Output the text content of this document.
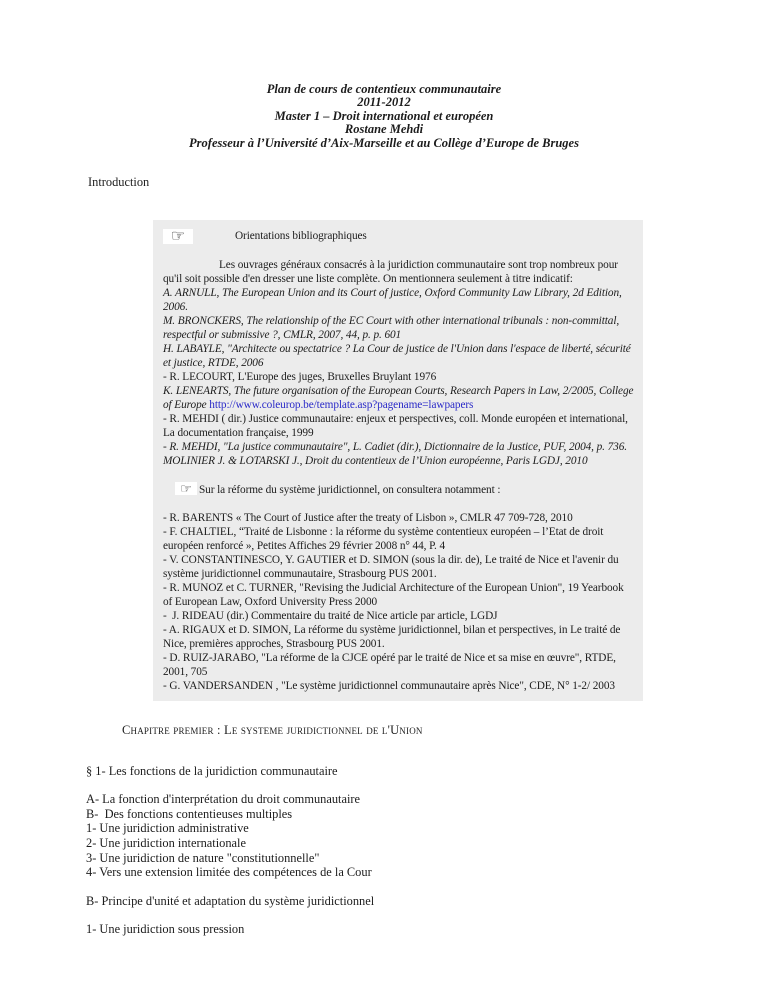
Plan de cours de contentieux communautaire

2011-2012

Master 1 – Droit international et européen

Rostane Mehdi

Professeur à l’Université d’Aix-Marseille et au Collège d’Europe de Bruges

Introduction

☞	Orientations bibliographiques

Les ouvrages généraux consacrés à la juridiction communautaire sont trop nombreux pour qu'il soit possible d'en dresser une liste complète. On mentionnera seulement à titre indicatif:

A. ARNULL, The European Union and its Court of justice, Oxford Community Law Library, 2d Edition, 2006.

M. BRONCKERS, The relationship of the EC Court with other international tribunals : non-committal, respectful or submissive ?, CMLR, 2007, 44, p. p. 601

H. LABAYLE, "Architecte ou spectatrice ? La Cour de justice de l'Union dans l'espace de liberté, sécurité et justice, RTDE, 2006

- R. LECOURT, L'Europe des juges, Bruxelles Bruylant 1976

K. LENEARTS, The future organisation of the European Courts, Research Papers in Law, 2/2005, College of Europe http://www.coleurop.be/template.asp?pagename=lawpapers

- R. MEHDI ( dir.) Justice communautaire: enjeux et perspectives, coll. Monde européen et international, La documentation française, 1999

- R. MEHDI, "La justice communautaire", L. Cadiet (dir.), Dictionnaire de la Justice, PUF, 2004, p. 736.

MOLINIER J. & LOTARSKI J., Droit du contentieux de l’Union européenne, Paris LGDJ, 2010

☞ Sur la réforme du système juridictionnel, on consultera notamment :

- R. BARENTS « The Court of Justice after the treaty of Lisbon », CMLR 47 709-728, 2010

- F. CHALTIEL, “Traité de Lisbonne : la réforme du système contentieux européen – l’Etat de droit européen renforcé », Petites Affiches 29 février 2008 n° 44, P. 4

- V. CONSTANTINESCO, Y. GAUTIER et D. SIMON (sous la dir. de), Le traité de Nice et l'avenir du système juridictionnel communautaire, Strasbourg PUS 2001.

- R. MUNOZ et C. TURNER, "Revising the Judicial Architecture of the European Union", 19 Yearbook of European Law, Oxford University Press 2000

-  J. RIDEAU (dir.) Commentaire du traité de Nice article par article, LGDJ

- A. RIGAUX et D. SIMON, La réforme du système juridictionnel, bilan et perspectives, in Le traité de Nice, premières approches, Strasbourg PUS 2001.

- D. RUIZ-JARABO, "La réforme de la CJCE opéré par le traité de Nice et sa mise en œuvre", RTDE, 2001, 705

- G. VANDERSANDEN , "Le système juridictionnel communautaire après Nice", CDE, N° 1-2/ 2003

Chapitre premier : Le systeme juridictionnel de l'Union

§ 1- Les fonctions de la juridiction communautaire

A- La fonction d'interprétation du droit communautaire

B-  Des fonctions contentieuses multiples

1- Une juridiction administrative

2- Une juridiction internationale

3- Une juridiction de nature "constitutionnelle"

4- Vers une extension limitée des compétences de la Cour

B- Principe d'unité et adaptation du système juridictionnel

1- Une juridiction sous pression
